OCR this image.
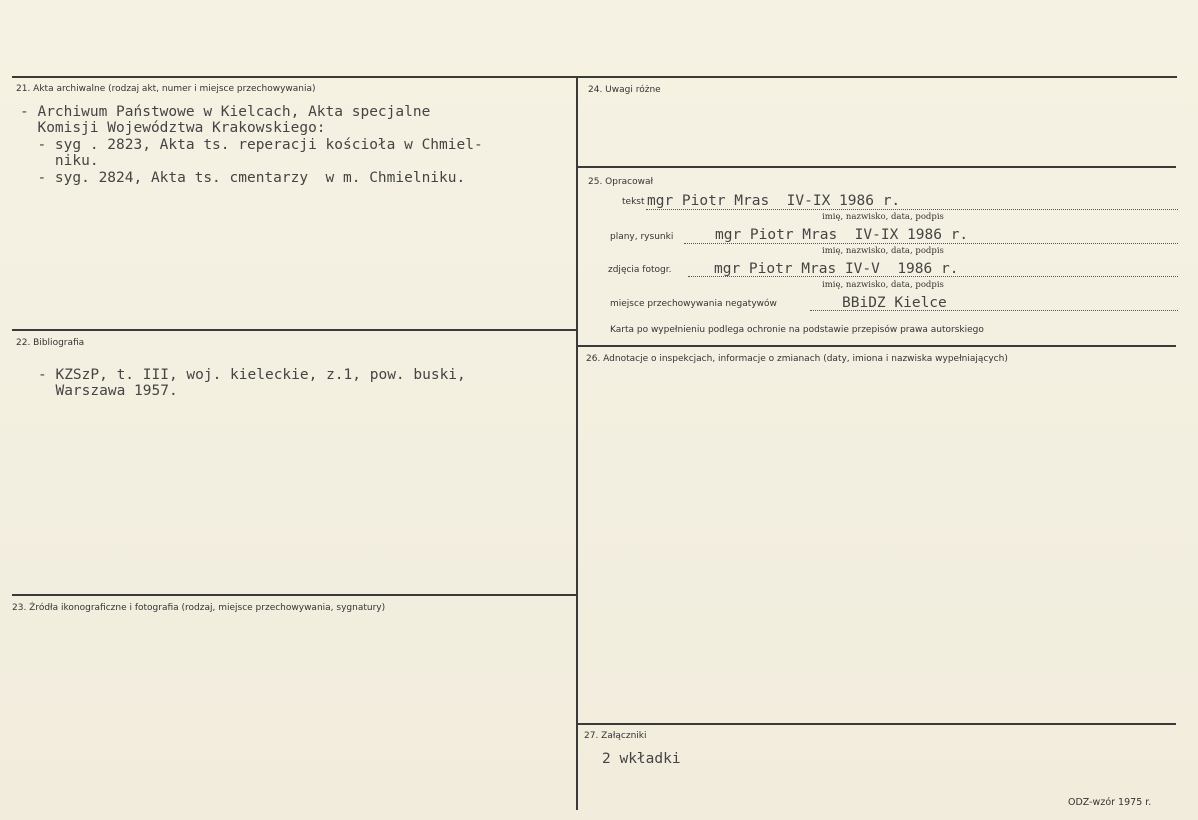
21. Akta archiwalne (rodzaj akt, numer i miejsce przechowywania)
- Archiwum Państwowe w Kielcach, Akta specjalne
Komisji Województwa Krakowskiego:
- syg . 2823, Akta ts. reperacji kościoła w Chmiel-
niku.
- syg. 2824, Akta ts. cmentarzy  w m. Chmielniku.
22. Bibliografia
- KZSzP, t. III, woj. kieleckie, z.1, pow. buski,
Warszawa 1957.
23. Źródła ikonograficzne i fotografia (rodzaj, miejsce przechowywania, sygnatury)
24. Uwagi różne
25. Opracował
tekst mgr Piotr Mras  IV-IX 1986 r.
imię, nazwisko, data, podpis
plany, rysunki	mgr Piotr Mras  IV-IX 1986 r.
imię, nazwisko, data, podpis
zdjęcia fotogr.	mgr Piotr Mras IV-V  1986 r.
imię, nazwisko, data, podpis
miejsce przechowywania negatywów	BBiDZ Kielce
Karta po wypełnieniu podlega ochronie na podstawie przepisów prawa autorskiego
26. Adnotacje o inspekcjach, informacje o zmianach (daty, imiona i nazwiska wypełniających)
27. Załączniki
2 wkładki
ODZ-wzór 1975 r.
